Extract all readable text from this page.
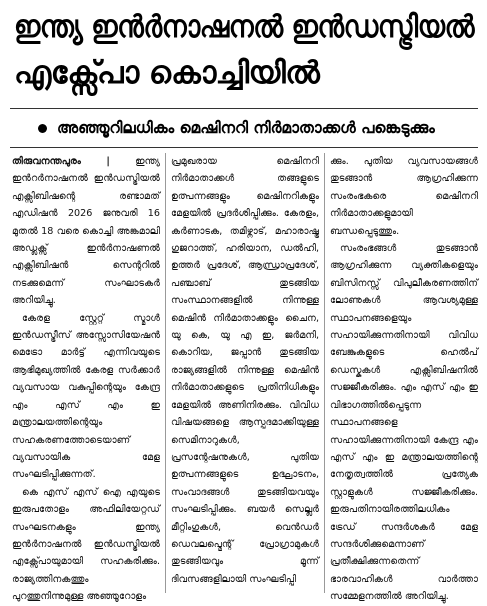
ഇന്ത്യ ഇൻർനാഷനൽ ഇൻഡസ്ട്രിയൽ
എക്സ്പോ കൊച്ചിയിൽ
അഞ്ഞൂറിലധികം മെഷിനറി നിർമാതാക്കൾ പങ്കെടുക്കും

തിരുവനന്തപുരം |	ഇന്ത്യ ഇൻറർനാഷനൽ ഇൻഡസ്ട്രിയൽ എക്സിബിഷന്റെ രണ്ടാമത് എഡിഷൻ 2026 ജനുവരി 16 മുതൽ 18 വരെ കൊച്ചി അങ്കമാലി അഡ്ലക്സ് ഇൻർനാഷണൽ എക്സിബിഷൻ സെന്ററിൽ നടക്കുമെന്ന് സംഘാടകർ അറിയിച്ചു.

കേരള സ്റ്റേറ്റ് സ്മാൾ ഇൻഡസ്ട്രീസ് അസ്സോസിയേഷൻ മെട്രോ മാർട്ട് എന്നിവയുടെ ആഭിമുഖ്യത്തിൽ കേരള സർക്കാർ വ്യവസായ വകുപ്പിന്റെയും കേന്ദ്ര എം എസ് എം ഇ മന്ത്രാലയത്തിന്റെയും സഹകരണത്തോടെയാണ് വ്യവസായിക മേള സംഘടിപ്പിക്കുന്നത്.

കെ എസ് എസ് ഐ എയുടെ ഇരുപതോളം അഫിലിയേറ്റഡ് സംഘടനകളും ഇന്ത്യ ഇൻർനാഷനൽ ഇൻഡസ്ട്രിയൽ എക്സ്പോയുമായി സഹകരിക്കും. രാജ്യത്തിനകത്തും പുറത്തുനിന്നുമുള്ള അഞ്ഞൂറോളം

പ്രമുഖരായ മെഷിനറി നിർമാതാക്കൾ തങ്ങളുടെ ഉത്പന്നങ്ങളും മെഷിനറികളും മേളയിൽ പ്രദർശിപ്പിക്കും. കേരളം, കർണാടക, തമിഴ്നാട്, മഹാരാഷ്ട്ര ഗുജറാത്ത്, ഹരിയാന, ഡൽഹി, ഉത്തർ പ്രദേശ്, ആന്ധ്രാപ്രദേശ്, പഞ്ചാബ് തുടങ്ങിയ സംസ്ഥാനങ്ങളിൽ നിന്നുള്ള മെഷിൻ നിർമാതാക്കളും ചൈന, യു കെ, യു എ ഇ, ജർമനി, കൊറിയ, ജപ്പാൻ തുടങ്ങിയ രാജ്യങ്ങളിൽ നിന്നുള്ള മെഷിൻ നിർമാതാക്കളുടെ പ്രതിനിധികളും മേളയിൽ അണിനിരക്കും. വിവിധ വിഷയങ്ങളെ ആസ്പദമാക്കിയുള്ള സെമിനാറുകൾ, പ്രസന്റേഷനുകൾ, പുതിയ ഉത്പന്നങ്ങളുടെ ഉദ്ഘാടനം, സംവാദങ്ങൾ തുടങ്ങിയവയും സംഘടിപ്പിക്കും. ബയർ സെല്ലർ മീറ്റിംഗുകൾ, വെൻഡർ ഡെവലപ്മെന്റ് പ്രോഗ്രാമുകൾ തുടങ്ങിയവും മൂന്ന് ദിവസങ്ങളിലായി സംഘടിപ്പി

ക്കും. പുതിയ വ്യവസായങ്ങൾ തുടങ്ങാൻ ആഗ്രഹിക്കുന്ന സംരംഭകരെ മെഷിനറി നിർമാതാക്കളുമായി ബന്ധപ്പെടുത്തും.

സംരംഭങ്ങൾ തുടങ്ങാൻ ആഗ്രഹിക്കുന്ന വ്യക്തികളെയും ബിസിനസ്സ് വിപുലീകരണത്തിന് ലോണുകൾ ആവശ്യമുള്ള സ്ഥാപനങ്ങളെയും സഹായിക്കുന്നതിനായി വിവിധ ബേങ്കുകളുടെ ഹെൽപ് ഡെസ്കുകൾ എക്സിബിഷനിൽ സജ്ജീകരിക്കും. എം എസ് എം ഇ വിഭാഗത്തിൽപ്പെടുന്ന സ്ഥാപനങ്ങളെ സഹായിക്കുന്നതിനായി കേന്ദ്ര എം എസ് എം ഇ മന്ത്രാലയത്തിന്റെ നേതൃത്വത്തിൽ പ്രത്യേക സ്റ്റാളുകൾ സജ്ജീകരിക്കും. ഇരുപതിനായിരത്തിലധികം ട്രേഡ് സന്ദർശകർ മേള സന്ദർശിക്കുമെന്നാണ് പ്രതീക്ഷിക്കുന്നതെന്ന് ഭാരവാഹികൾ വാർത്താ സമ്മേളനത്തിൽ അറിയിച്ചു.
